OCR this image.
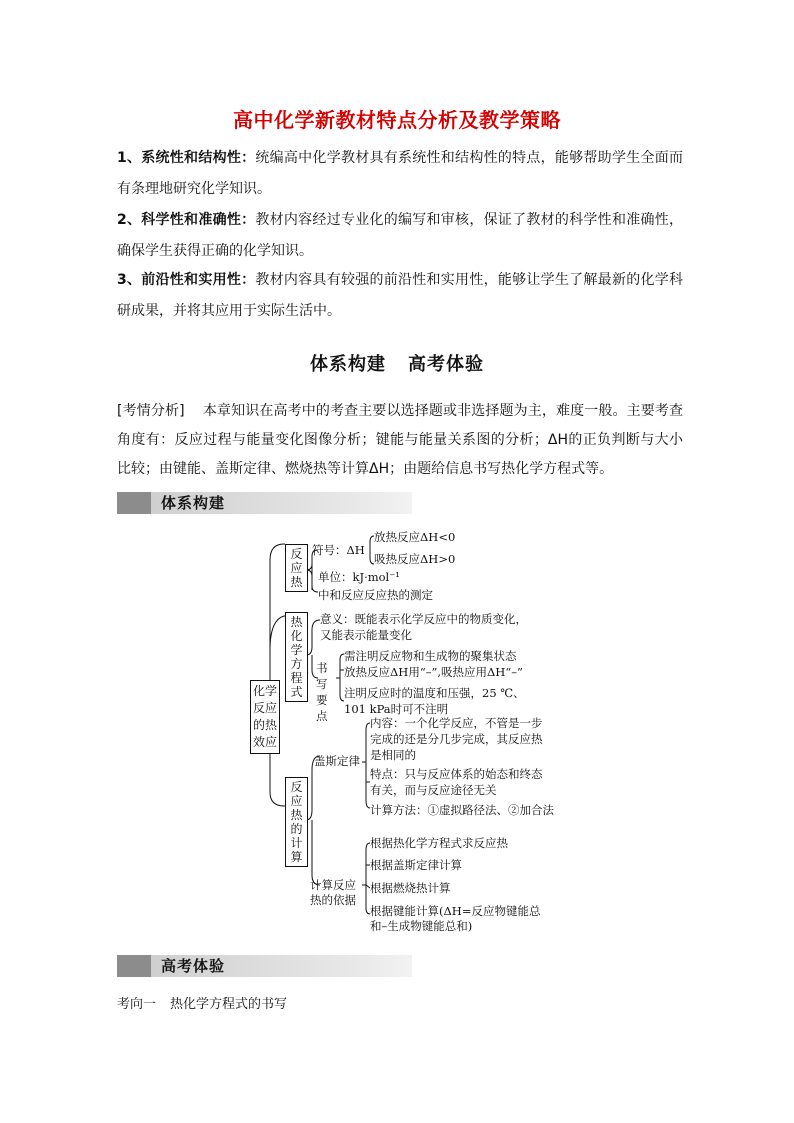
高中化学新教材特点分析及教学策略
1、系统性和结构性：统编高中化学教材具有系统性和结构性的特点，能够帮助学生全面而有条理地研究化学知识。
2、科学性和准确性：教材内容经过专业化的编写和审核，保证了教材的科学性和准确性，确保学生获得正确的化学知识。
3、前沿性和实用性：教材内容具有较强的前沿性和实用性，能够让学生了解最新的化学科研成果，并将其应用于实际生活中。
体系构建 高考体验
[考情分析] 本章知识在高考中的考查主要以选择题或非选择题为主，难度一般。主要考查角度有：反应过程与能量变化图像分析；键能与能量关系图的分析；ΔH的正负判断与大小比较；由键能、盖斯定律、燃烧热等计算ΔH；由题给信息书写热化学方程式等。
体系构建
化学反应的热效应
反应热
符号：ΔH
放热反应ΔH<0
吸热反应ΔH>0
单位：kJ·mol⁻¹
中和反应反应热的测定
热化学方程式
意义：既能表示化学反应中的物质变化，
又能表示能量变化
书写要点
需注明反应物和生成物的聚集状态
放热反应ΔH用“–”,吸热应用ΔH“–”
注明反应时的温度和压强，25 ℃、
101 kPa时可不注明
反应热的计算
盖斯定律
内容：一个化学反应，不管是一步
完成的还是分几步完成，其反应热
是相同的
特点：只与反应体系的始态和终态
有关，而与反应途径无关
计算方法：①虚拟路径法、②加合法
计算反应
热的依据
根据热化学方程式求反应热
根据盖斯定律计算
根据燃烧热计算
根据键能计算(ΔH=反应物键能总
和–生成物键能总和)
高考体验
考向一 热化学方程式的书写
